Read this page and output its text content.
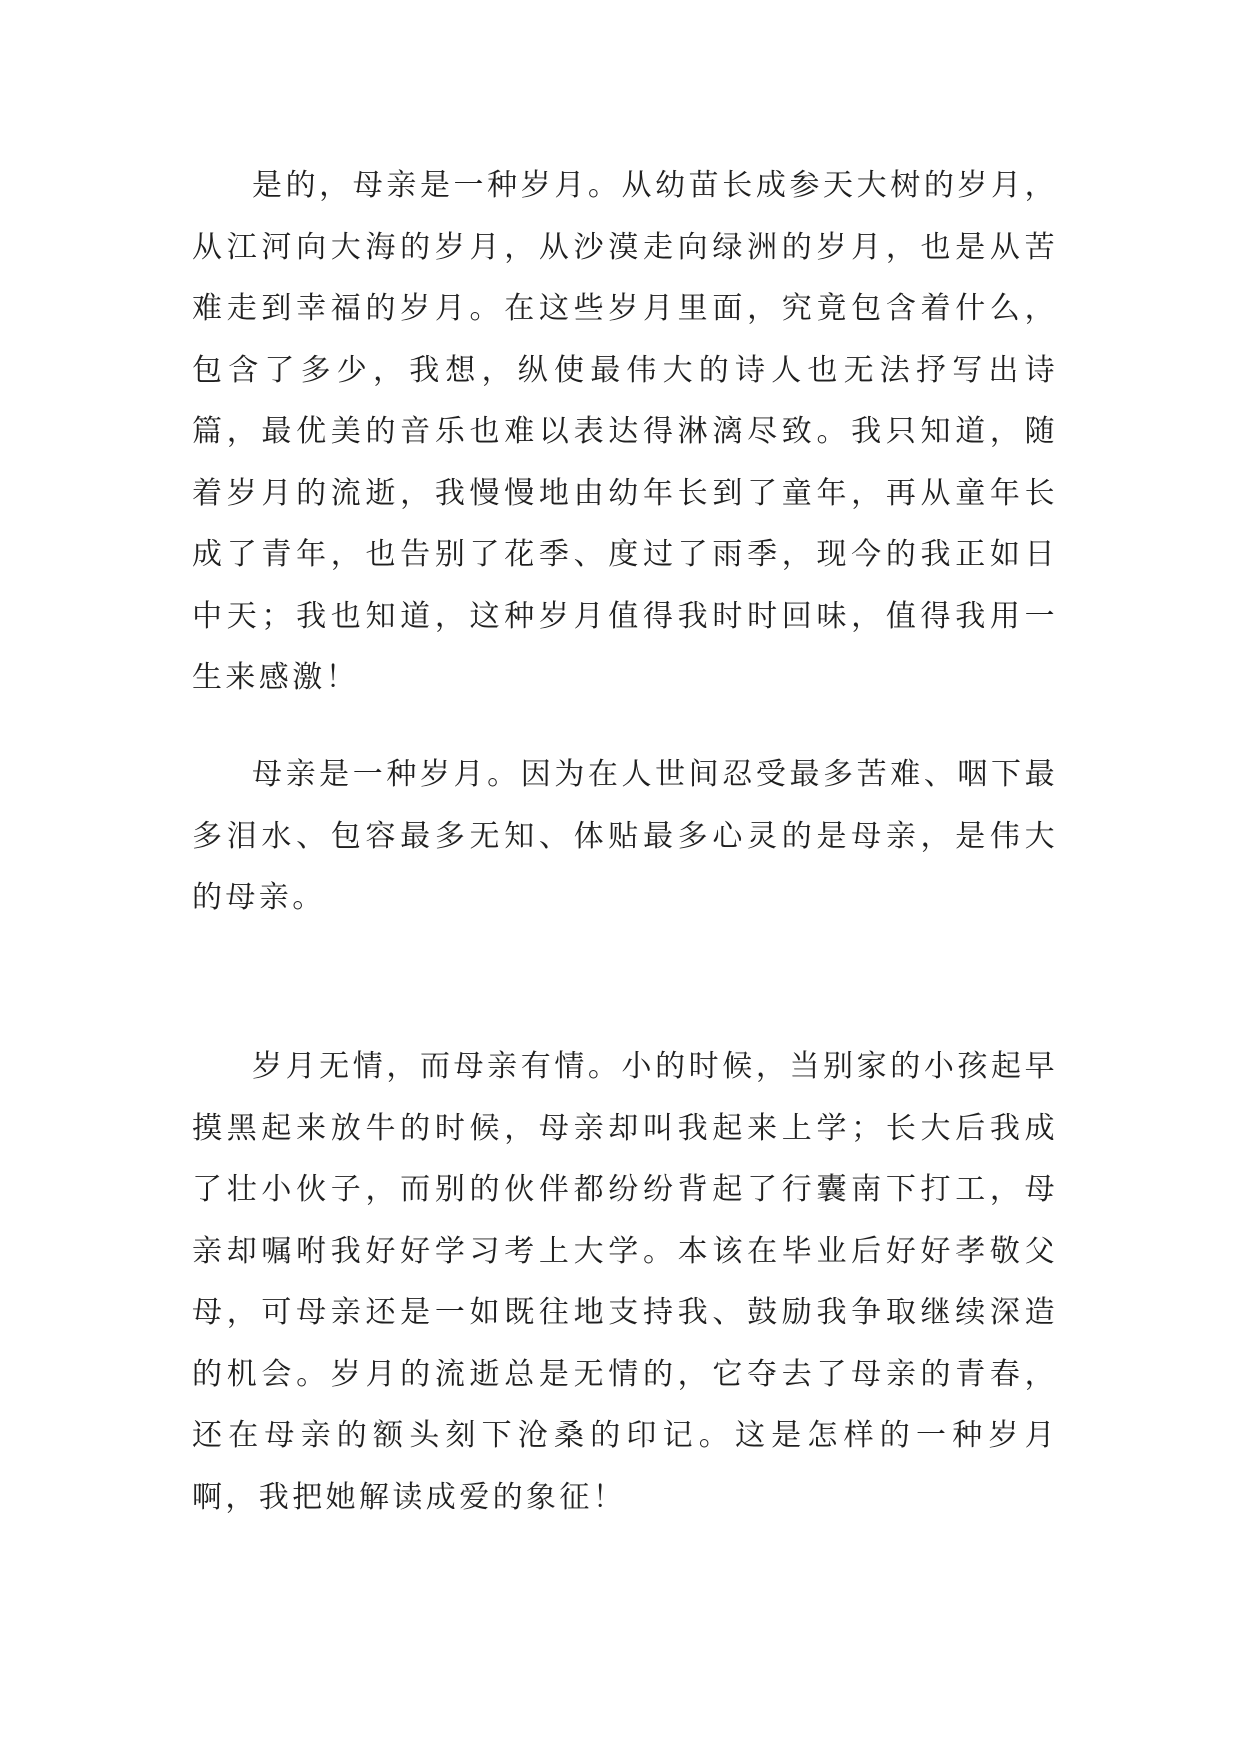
是的，母亲是一种岁月。从幼苗长成参天大树的岁月，从江河向大海的岁月，从沙漠走向绿洲的岁月，也是从苦难走到幸福的岁月。在这些岁月里面，究竟包含着什么，包含了多少，我想，纵使最伟大的诗人也无法抒写出诗篇，最优美的音乐也难以表达得淋漓尽致。我只知道，随着岁月的流逝，我慢慢地由幼年长到了童年，再从童年长成了青年，也告别了花季、度过了雨季，现今的我正如日中天；我也知道，这种岁月值得我时时回味，值得我用一生来感激！

母亲是一种岁月。因为在人世间忍受最多苦难、咽下最多泪水、包容最多无知、体贴最多心灵的是母亲，是伟大的母亲。

岁月无情，而母亲有情。小的时候，当别家的小孩起早摸黑起来放牛的时候，母亲却叫我起来上学；长大后我成了壮小伙子，而别的伙伴都纷纷背起了行囊南下打工，母亲却嘱咐我好好学习考上大学。本该在毕业后好好孝敬父母，可母亲还是一如既往地支持我、鼓励我争取继续深造的机会。岁月的流逝总是无情的，它夺去了母亲的青春，还在母亲的额头刻下沧桑的印记。这是怎样的一种岁月啊，我把她解读成爱的象征！
